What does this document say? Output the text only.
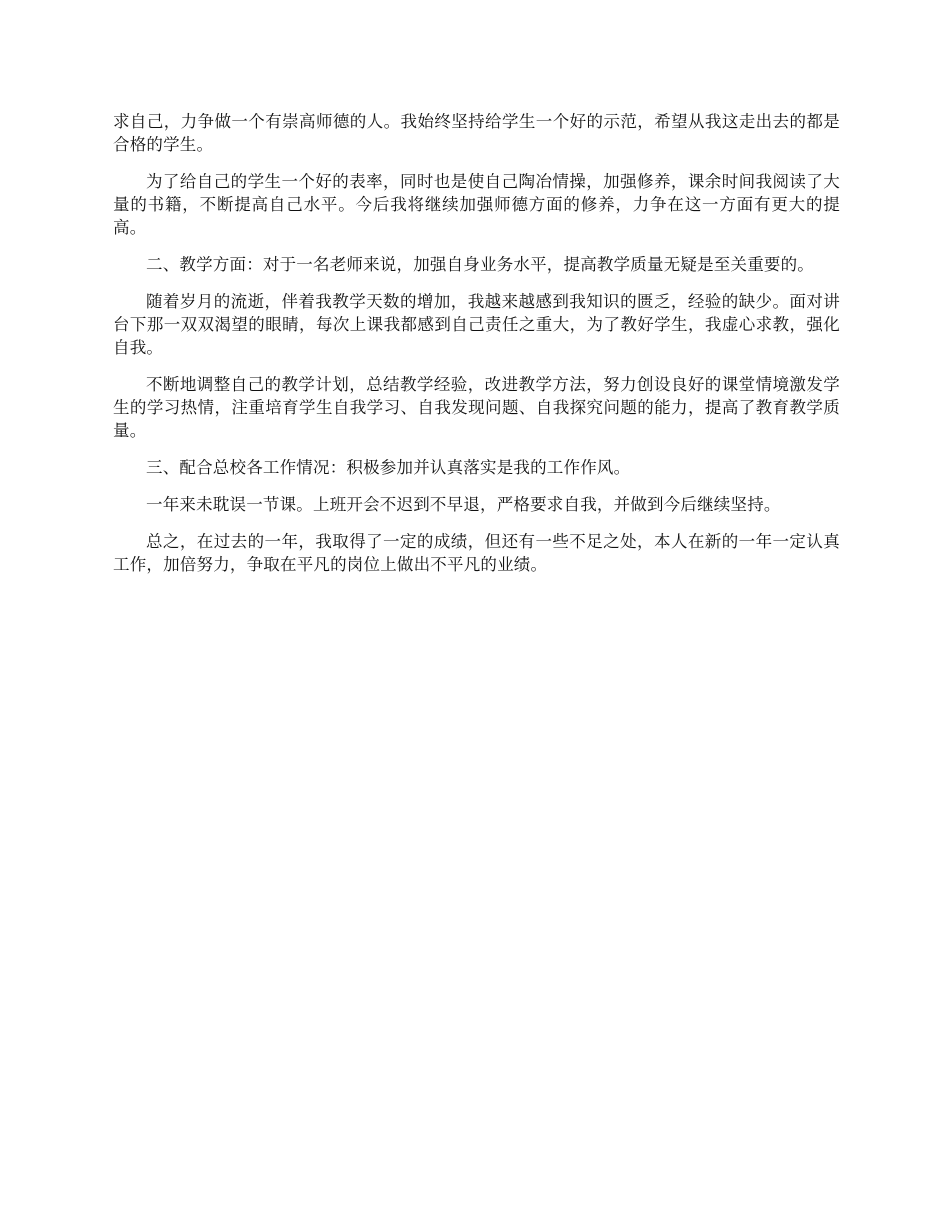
求自己，力争做一个有崇高师德的人。我始终坚持给学生一个好的示范，希望从我这走出去的都是合格的学生。

为了给自己的学生一个好的表率，同时也是使自己陶冶情操，加强修养，课余时间我阅读了大量的书籍，不断提高自己水平。今后我将继续加强师德方面的修养，力争在这一方面有更大的提高。

二、教学方面：对于一名老师来说，加强自身业务水平，提高教学质量无疑是至关重要的。

随着岁月的流逝，伴着我教学天数的增加，我越来越感到我知识的匮乏，经验的缺少。面对讲台下那一双双渴望的眼睛，每次上课我都感到自己责任之重大，为了教好学生，我虚心求教，强化自我。

不断地调整自己的教学计划，总结教学经验，改进教学方法，努力创设良好的课堂情境激发学生的学习热情，注重培育学生自我学习、自我发现问题、自我探究问题的能力，提高了教育教学质量。

三、配合总校各工作情况：积极参加并认真落实是我的工作作风。

一年来未耽误一节课。上班开会不迟到不早退，严格要求自我，并做到今后继续坚持。

总之，在过去的一年，我取得了一定的成绩，但还有一些不足之处，本人在新的一年一定认真工作，加倍努力，争取在平凡的岗位上做出不平凡的业绩。
